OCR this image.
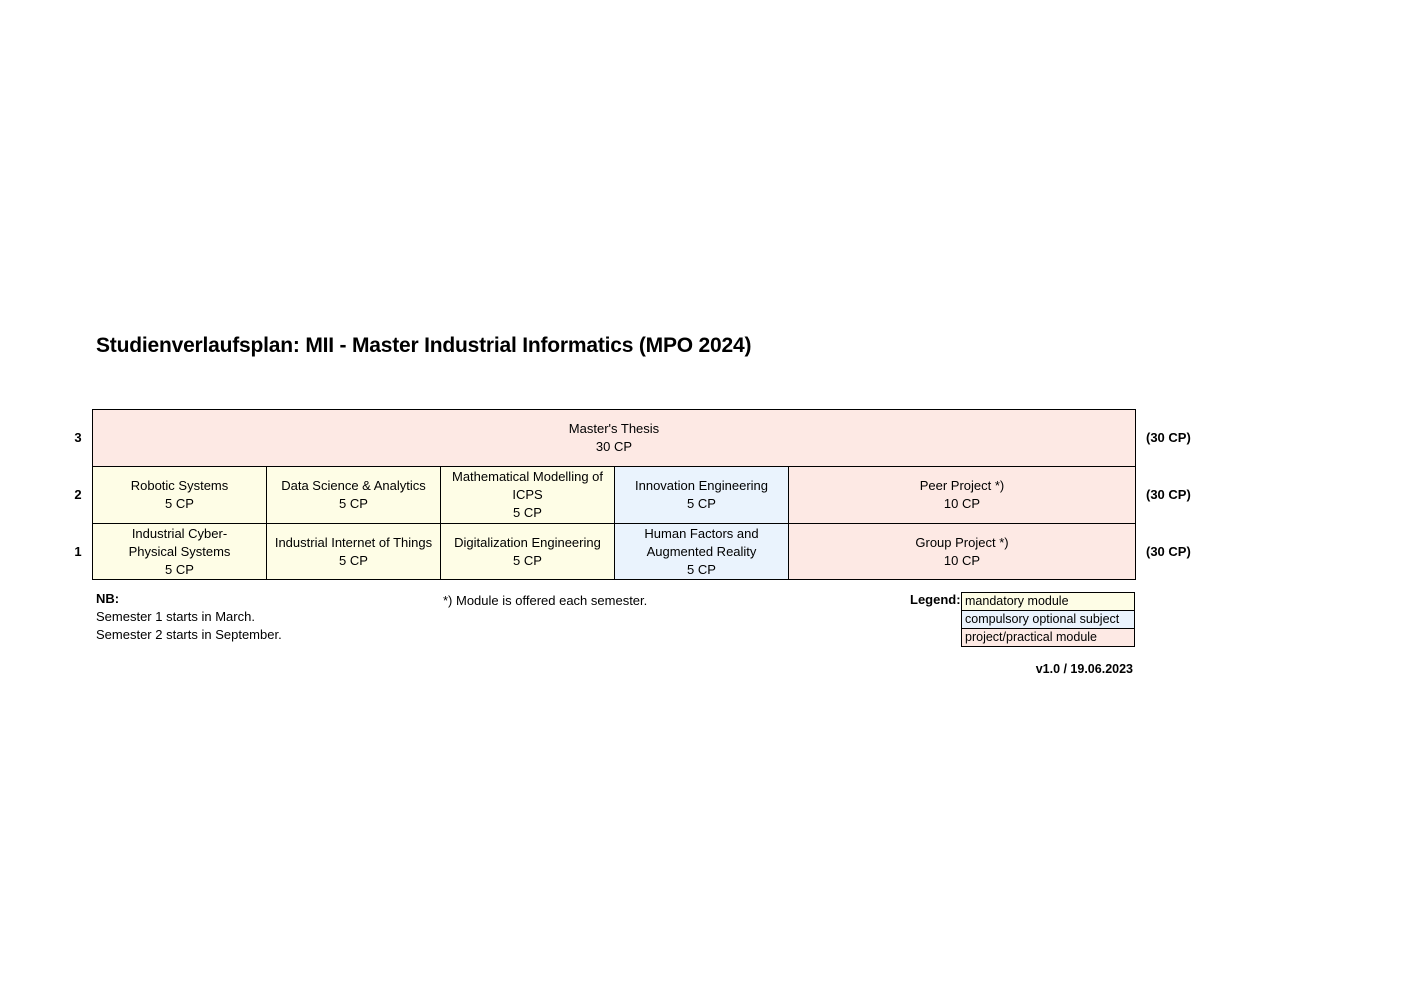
Studienverlaufsplan: MII - Master Industrial Informatics (MPO 2024)
3
2
1
Master's Thesis
30 CP
Robotic Systems
5 CP
Data Science & Analytics
5 CP
Mathematical Modelling of ICPS
5 CP
Innovation Engineering
5 CP
Peer Project *)
10 CP
Industrial Cyber-Physical Systems
5 CP
Industrial Internet of Things
5 CP
Digitalization Engineering
5 CP
Human Factors and Augmented Reality
5 CP
Group Project *)
10 CP
(30 CP)
(30 CP)
(30 CP)
NB:
Semester 1 starts in March.
Semester 2 starts in September.
*) Module is offered each semester.	Legend: mandatory module
compulsory optional subject
project/practical module
v1.0 / 19.06.2023
